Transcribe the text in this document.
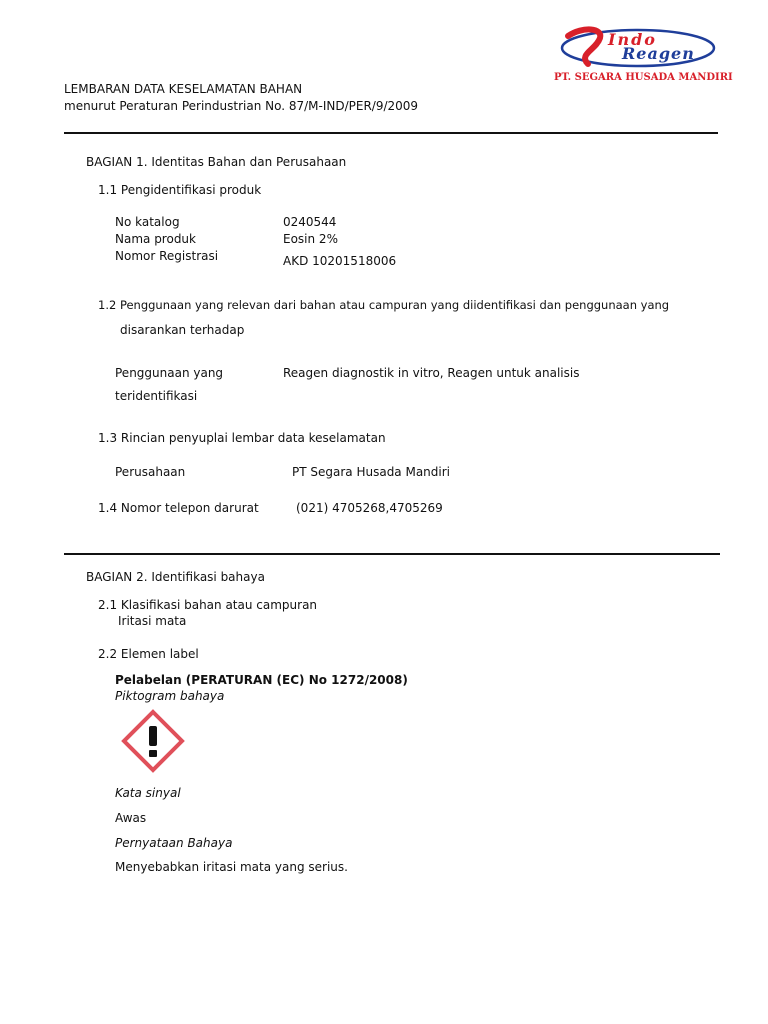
Indo
Reagen
PT. SEGARA HUSADA MANDIRI
LEMBARAN DATA KESELAMATAN BAHAN
menurut Peraturan Perindustrian No. 87/M-IND/PER/9/2009
BAGIAN 1. Identitas Bahan dan Perusahaan
1.1 Pengidentifikasi produk
No katalog	0240544
Nama produk	Eosin 2%
Nomor Registrasi	AKD 10201518006
1.2 Penggunaan yang relevan dari bahan atau campuran yang diidentifikasi dan penggunaan yang
disarankan terhadap
Penggunaan yang	Reagen diagnostik in vitro, Reagen untuk analisis
teridentifikasi
1.3 Rincian penyuplai lembar data keselamatan
Perusahaan	PT Segara Husada Mandiri
1.4 Nomor telepon darurat	(021) 4705268,4705269
BAGIAN 2. Identifikasi bahaya
2.1 Klasifikasi bahan atau campuran
Iritasi mata
2.2 Elemen label
Pelabelan (PERATURAN (EC) No 1272/2008)
Piktogram bahaya
Kata sinyal
Awas
Pernyataan Bahaya
Menyebabkan iritasi mata yang serius.
